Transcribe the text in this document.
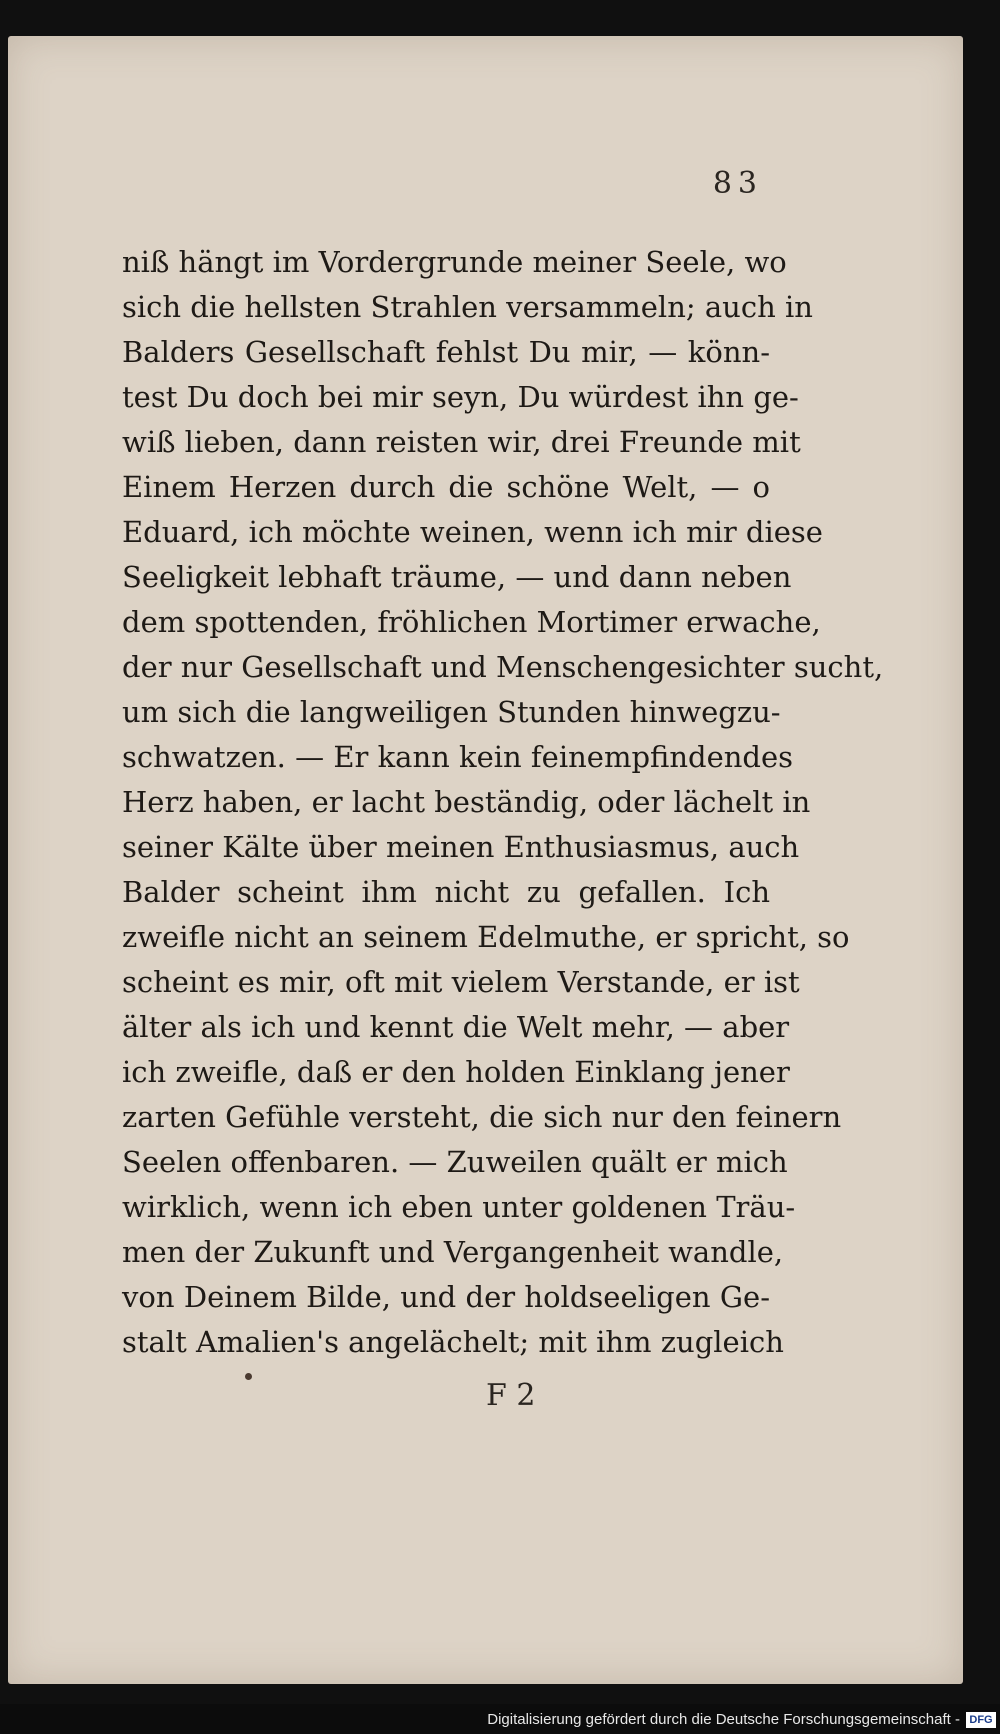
83
niß hängt im Vordergrunde meiner Seele, wo
sich die hellsten Strahlen versammeln; auch in
Balders Gesellschaft fehlst Du mir, — könn-
test Du doch bei mir seyn, Du würdest ihn ge-
wiß lieben, dann reisten wir, drei Freunde mit
Einem Herzen durch die schöne Welt, — o
Eduard, ich möchte weinen, wenn ich mir diese
Seeligkeit lebhaft träume, — und dann neben
dem spottenden, fröhlichen Mortimer erwache,
der nur Gesellschaft und Menschengesichter sucht,
um sich die langweiligen Stunden hinwegzu-
schwatzen. — Er kann kein feinempfindendes
Herz haben, er lacht beständig, oder lächelt in
seiner Kälte über meinen Enthusiasmus, auch
Balder scheint ihm nicht zu gefallen. Ich
zweifle nicht an seinem Edelmuthe, er spricht, so
scheint es mir, oft mit vielem Verstande, er ist
älter als ich und kennt die Welt mehr, — aber
ich zweifle, daß er den holden Einklang jener
zarten Gefühle versteht, die sich nur den feinern
Seelen offenbaren. — Zuweilen quält er mich
wirklich, wenn ich eben unter goldenen Träu-
men der Zukunft und Vergangenheit wandle,
von Deinem Bilde, und der holdseeligen Ge-
stalt Amalien's angelächelt; mit ihm zugleich
F 2
Digitalisierung gefördert durch die Deutsche Forschungsgemeinschaft - DFG
